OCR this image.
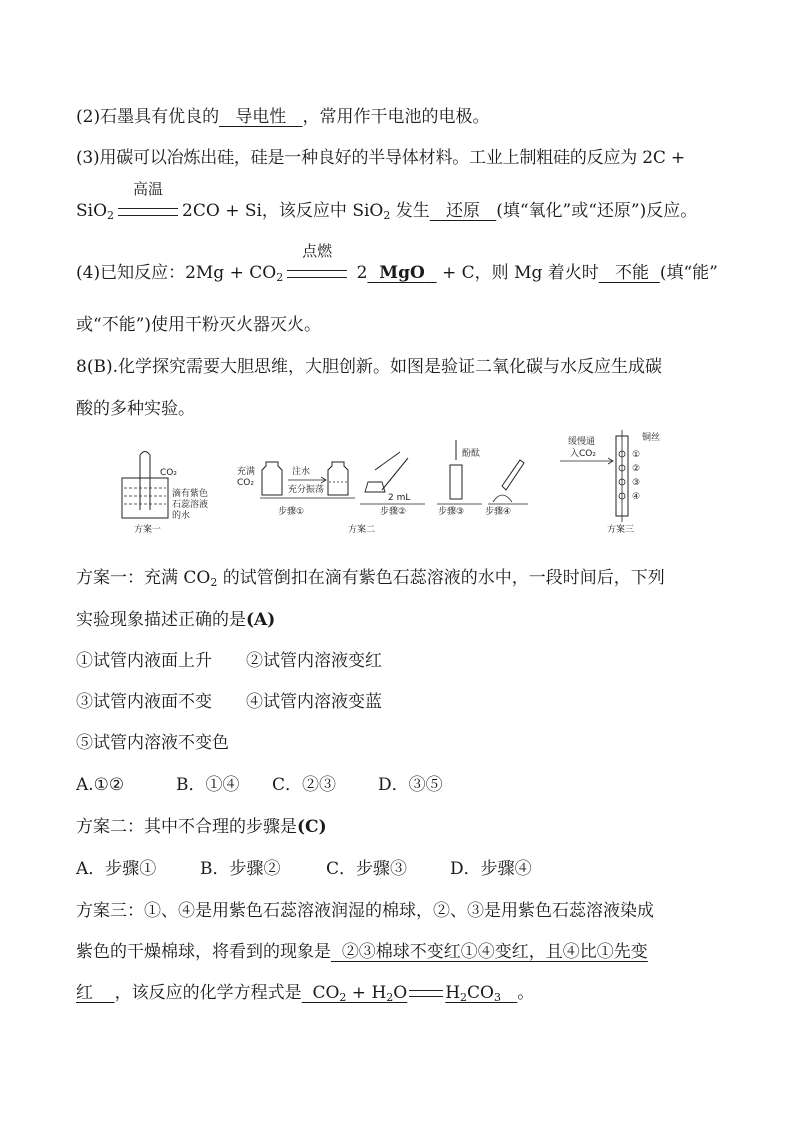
(2)石墨具有优良的 导电性 ，常用作干电池的电极。
(3)用碳可以冶炼出硅，硅是一种良好的半导体材料。工业上制粗硅的反应为 2C +
SiO$_2$
高温
2CO + Si，该反应中 SiO$_2$ 发生 还原 (填“氧化”或“还原”)反应。
(4)已知反应：$2Mg + CO_2$
点燃
2 MgO   + C，则 Mg 着火时 不能 (填“能”
或“不能”)使用干粉灭火器灭火。
8(B).化学探究需要大胆思维，大胆创新。如图是验证二氧化碳与水反应生成碳
酸的多种实验。
CO₂
滴有紫色
石蕊溶液
的水
方案一
充满
CO₂
注水
充分振荡
步骤①
2 mL
方案二
步骤②
酚酞
步骤③ 步骤④
缓慢通
入CO₂
铜丝
①
②
③
④
方案三
方案一：充满 $CO_2$ 的试管倒扣在滴有紫色石蕊溶液的水中，一段时间后，下列
实验现象描述正确的是(A)
①试管内液面上升 ②试管内溶液变红
③试管内液面不变 ④试管内溶液变蓝
⑤试管内溶液不变色
A.①②	B．①④ C．②③ D．③⑤
方案二：其中不合理的步骤是(C)
A．步骤①	B．步骤②	C．步骤③	D．步骤④
方案三：①、④是用紫色石蕊溶液润湿的棉球，②、③是用紫色石蕊溶液染成
紫色的干燥棉球，将看到的现象是 ②③棉球不变红①④变红，且④比①先变
红 ，该反应的化学方程式是 $CO_2 + H_2O$ $H_2CO_3$ 。
